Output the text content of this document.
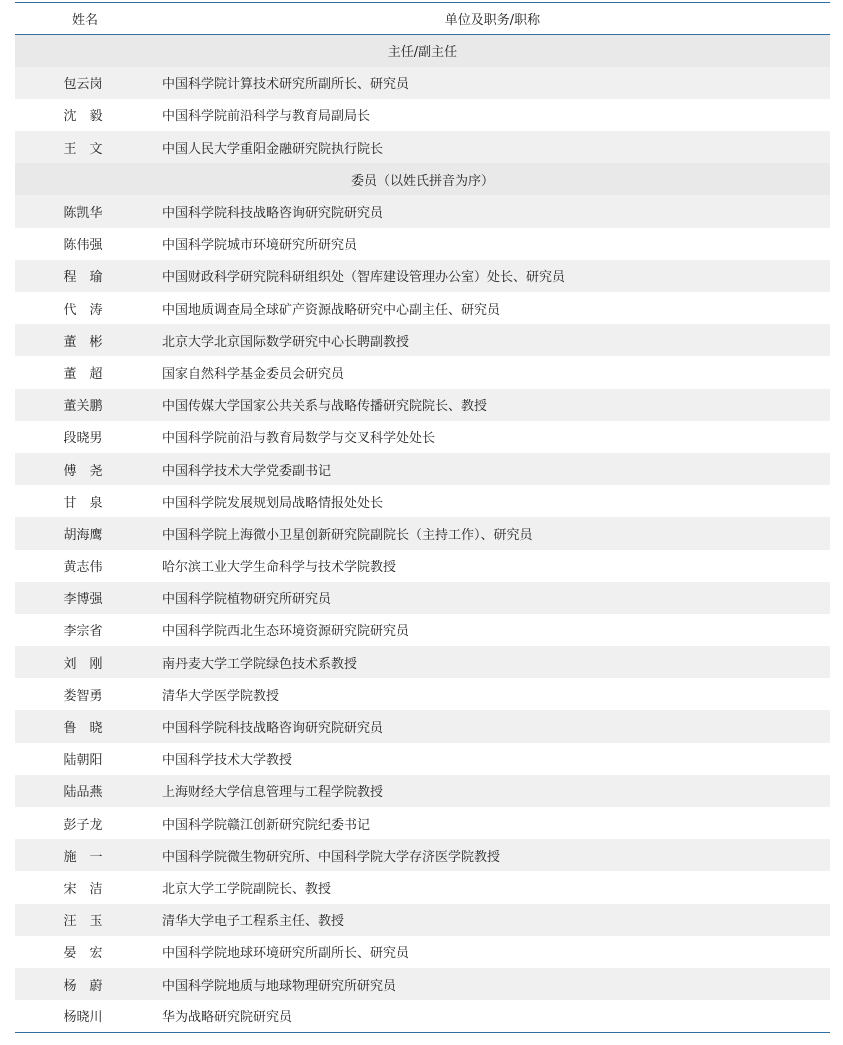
姓名	单位及职务/职称
主任/副主任	
包云岗	中国科学院计算技术研究所副所长、研究员
沈　毅	中国科学院前沿科学与教育局副局长
王　文	中国人民大学重阳金融研究院执行院长
委员（以姓氏拼音为序）	
陈凯华	中国科学院科技战略咨询研究院研究员
陈伟强	中国科学院城市环境研究所研究员
程　瑜	中国财政科学研究院科研组织处（智库建设管理办公室）处长、研究员
代　涛	中国地质调查局全球矿产资源战略研究中心副主任、研究员
董　彬	北京大学北京国际数学研究中心长聘副教授
董　超	国家自然科学基金委员会研究员
董关鹏	中国传媒大学国家公共关系与战略传播研究院院长、教授
段晓男	中国科学院前沿与教育局数学与交叉科学处处长
傅　尧	中国科学技术大学党委副书记
甘　泉	中国科学院发展规划局战略情报处处长
胡海鹰	中国科学院上海微小卫星创新研究院副院长（主持工作）、研究员
黄志伟	哈尔滨工业大学生命科学与技术学院教授
李博强	中国科学院植物研究所研究员
李宗省	中国科学院西北生态环境资源研究院研究员
刘　刚	南丹麦大学工学院绿色技术系教授
娄智勇	清华大学医学院教授
鲁　晓	中国科学院科技战略咨询研究院研究员
陆朝阳	中国科学技术大学教授
陆品燕	上海财经大学信息管理与工程学院教授
彭子龙	中国科学院赣江创新研究院纪委书记
施　一	中国科学院微生物研究所、中国科学院大学存济医学院教授
宋　洁	北京大学工学院副院长、教授
汪　玉	清华大学电子工程系主任、教授
晏　宏	中国科学院地球环境研究所副所长、研究员
杨　蔚	中国科学院地质与地球物理研究所研究员
杨晓川	华为战略研究院研究员
